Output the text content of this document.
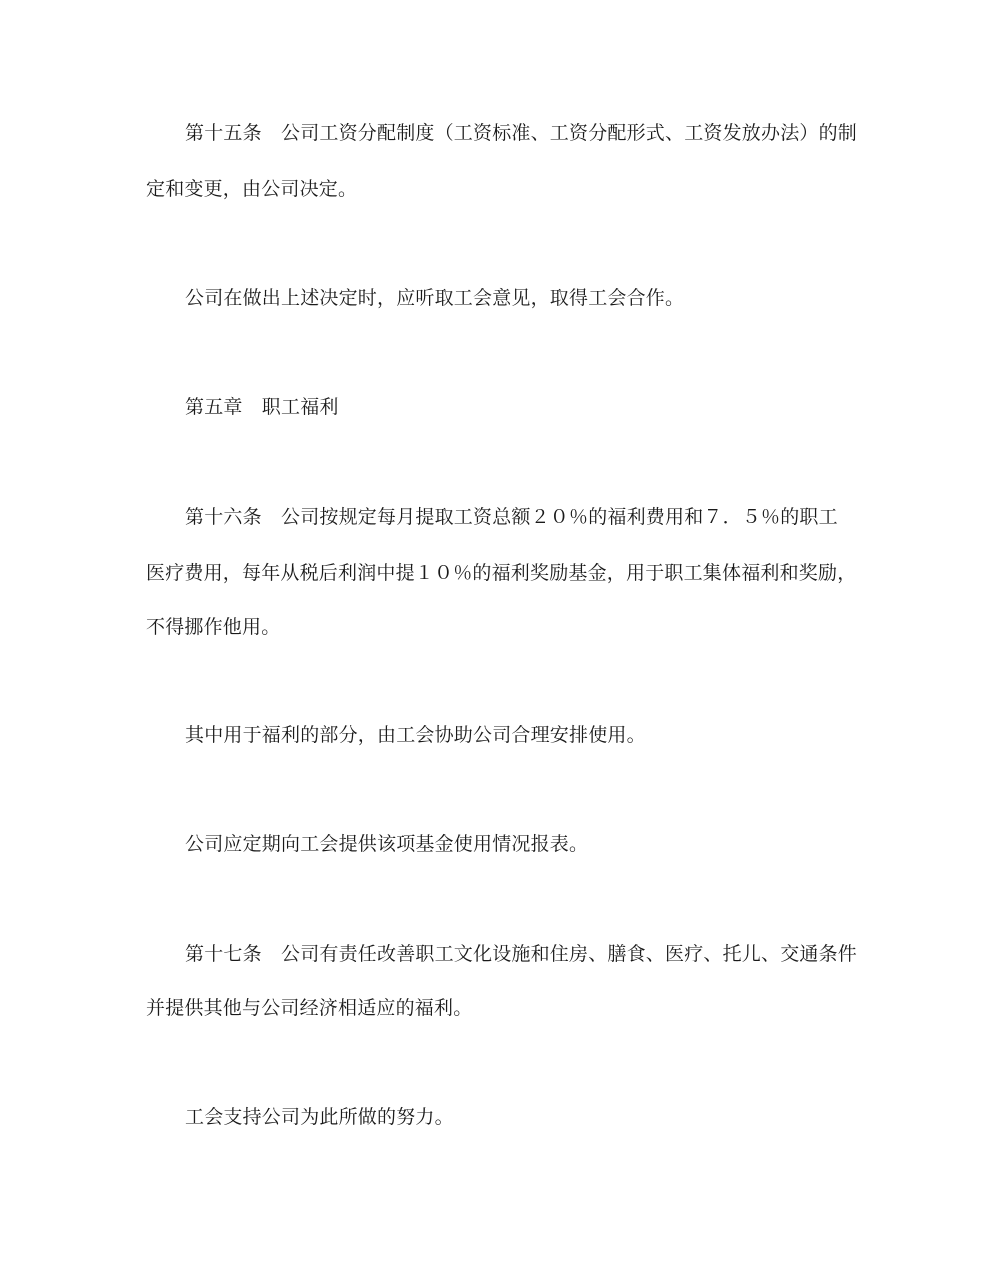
第十五条　公司工资分配制度（工资标准、工资分配形式、工资发放办法）的制
定和变更，由公司决定。
公司在做出上述决定时，应听取工会意见，取得工会合作。
第五章　职工福利
第十六条　公司按规定每月提取工资总额２０％的福利费用和７．５％的职工
医疗费用，每年从税后利润中提１０％的福利奖励基金，用于职工集体福利和奖励，
不得挪作他用。
其中用于福利的部分，由工会协助公司合理安排使用。
公司应定期向工会提供该项基金使用情况报表。
第十七条　公司有责任改善职工文化设施和住房、膳食、医疗、托儿、交通条件
并提供其他与公司经济相适应的福利。
工会支持公司为此所做的努力。
